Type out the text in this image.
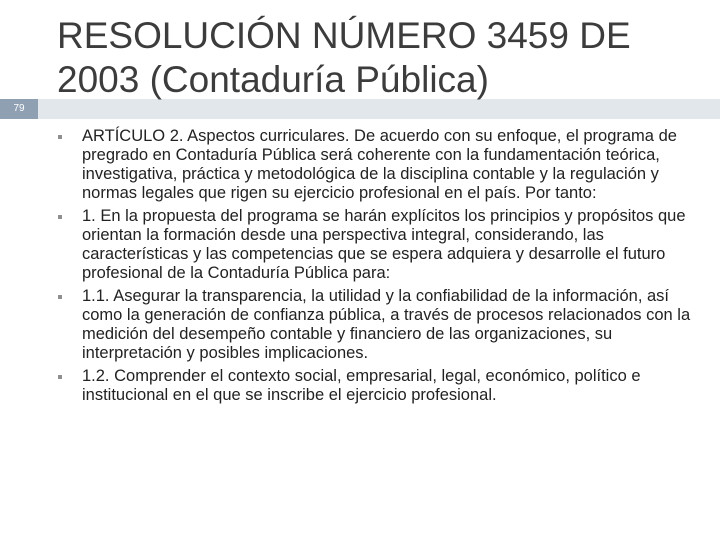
79
RESOLUCIÓN NÚMERO 3459 DE 2003 (Contaduría Pública)
ARTÍCULO 2. Aspectos curriculares. De acuerdo con su enfoque, el programa de pregrado en Contaduría Pública será coherente con la fundamentación teórica, investigativa, práctica y metodológica de la disciplina contable y la regulación y normas legales que rigen su ejercicio profesional en el país. Por tanto:
1. En la propuesta del programa se harán explícitos los principios y propósitos que orientan la formación desde una perspectiva integral, considerando, las características y las competencias que se espera adquiera y desarrolle el futuro profesional de la Contaduría Pública para:
1.1. Asegurar la transparencia, la utilidad y la confiabilidad de la información, así como la generación de confianza pública, a través de procesos relacionados con la medición del desempeño contable y financiero de las organizaciones, su interpretación y posibles implicaciones.
1.2. Comprender el contexto social, empresarial, legal, económico, político e institucional en el que se inscribe el ejercicio profesional.
